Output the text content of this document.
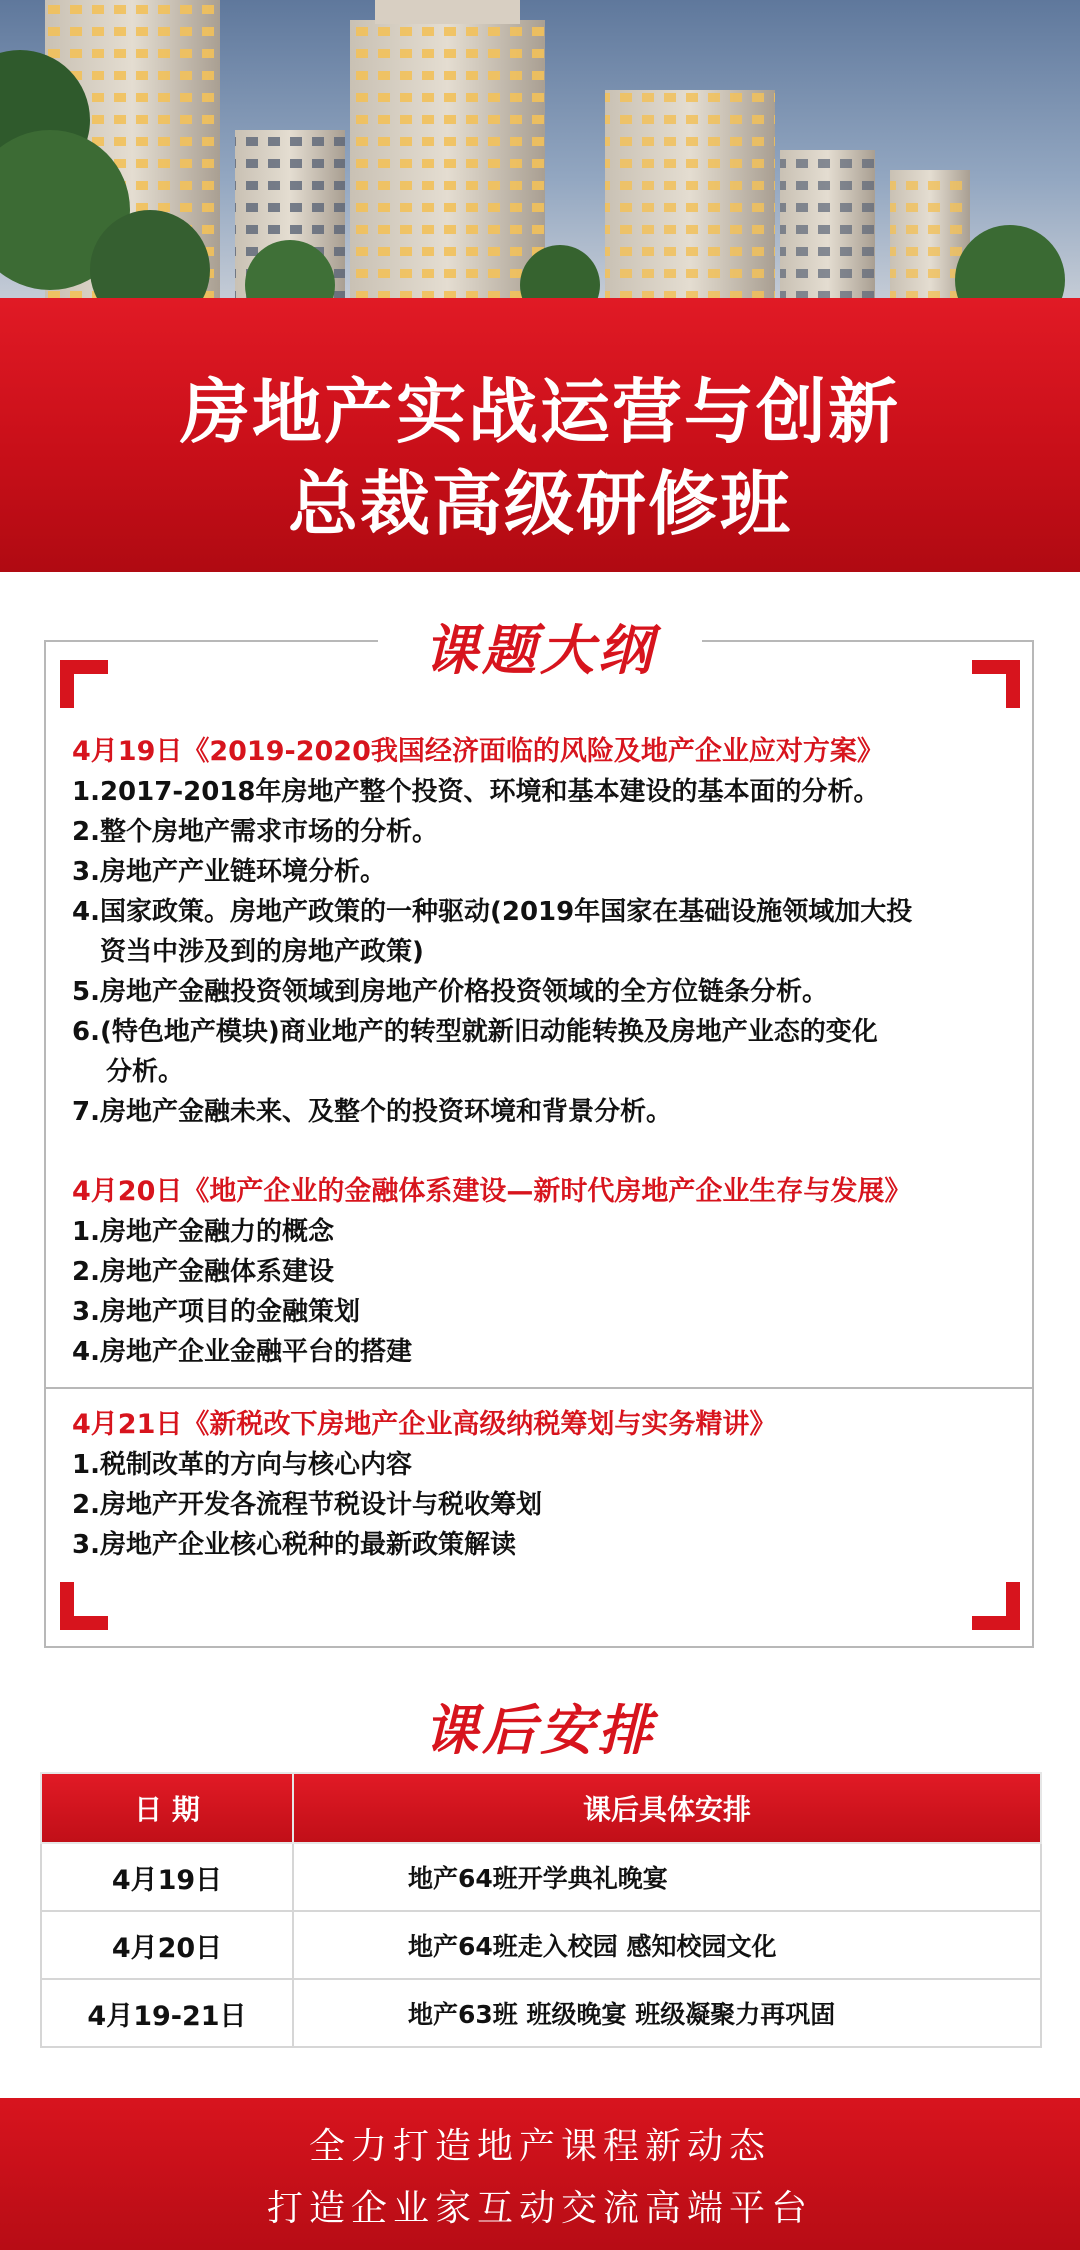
房地产实战运营与创新
总裁高级研修班
课题大纲
4月19日《2019-2020我国经济面临的风险及地产企业应对方案》
1.2017-2018年房地产整个投资、环境和基本建设的基本面的分析。
2.整个房地产需求市场的分析。
3.房地产产业链环境分析。
4.国家政策。房地产政策的一种驱动(2019年国家在基础设施领域加大投
资当中涉及到的房地产政策)
5.房地产金融投资领域到房地产价格投资领域的全方位链条分析。
6.(特色地产模块)商业地产的转型就新旧动能转换及房地产业态的变化
分析。
7.房地产金融未来、及整个的投资环境和背景分析。
4月20日《地产企业的金融体系建设—新时代房地产企业生存与发展》
1.房地产金融力的概念
2.房地产金融体系建设
3.房地产项目的金融策划
4.房地产企业金融平台的搭建
4月21日《新税改下房地产企业高级纳税筹划与实务精讲》
1.税制改革的方向与核心内容
2.房地产开发各流程节税设计与税收筹划
3.房地产企业核心税种的最新政策解读
课后安排
日 期	课后具体安排
4月19日	地产64班开学典礼晚宴
4月20日	地产64班走入校园 感知校园文化
4月19-21日	地产63班 班级晚宴 班级凝聚力再巩固
全力打造地产课程新动态
打造企业家互动交流高端平台
